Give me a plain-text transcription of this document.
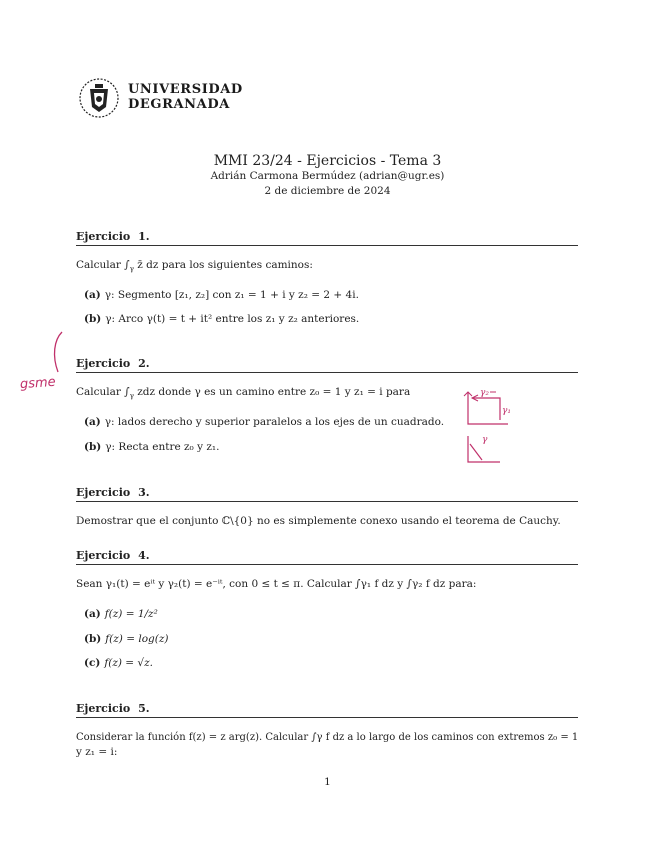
UNIVERSIDAD
DEGRANADA
MMI 23/24 - Ejercicios - Tema 3
Adrián Carmona Bermúdez (adrian@ugr.es)
2 de diciembre de 2024
Ejercicio 1.
Calcular $\int_\gamma$ z̄ dz para los siguientes caminos:
(a) γ: Segmento [z₁, z₂] con z₁ = 1 + i y z₂ = 2 + 4i.
(b) γ: Arco γ(t) = t + it² entre los z₁ y z₂ anteriores.
gsme
Ejercicio 2.
Calcular $\int_\gamma$ zdz donde γ es un camino entre z₀ = 1 y z₁ = i para
(a) γ: lados derecho y superior paralelos a los ejes de un cuadrado.
(b) γ: Recta entre z₀ y z₁.
γ₂
γ₁
γ
Ejercicio 3.
Demostrar que el conjunto ℂ\{0} no es simplemente conexo usando el teorema de Cauchy.
Ejercicio 4.
Sean γ₁(t) = eⁱᵗ y γ₂(t) = e⁻ⁱᵗ, con 0 ≤ t ≤ π. Calcular ∫γ₁ f dz y ∫γ₂ f dz para:
(a) f(z) = 1/z²
(b) f(z) = log(z)
(c) f(z) = √z.
Ejercicio 5.
Considerar la función f(z) = z arg(z). Calcular ∫γ f dz a lo largo de los caminos con extremos z₀ = 1
y z₁ = i:
1
